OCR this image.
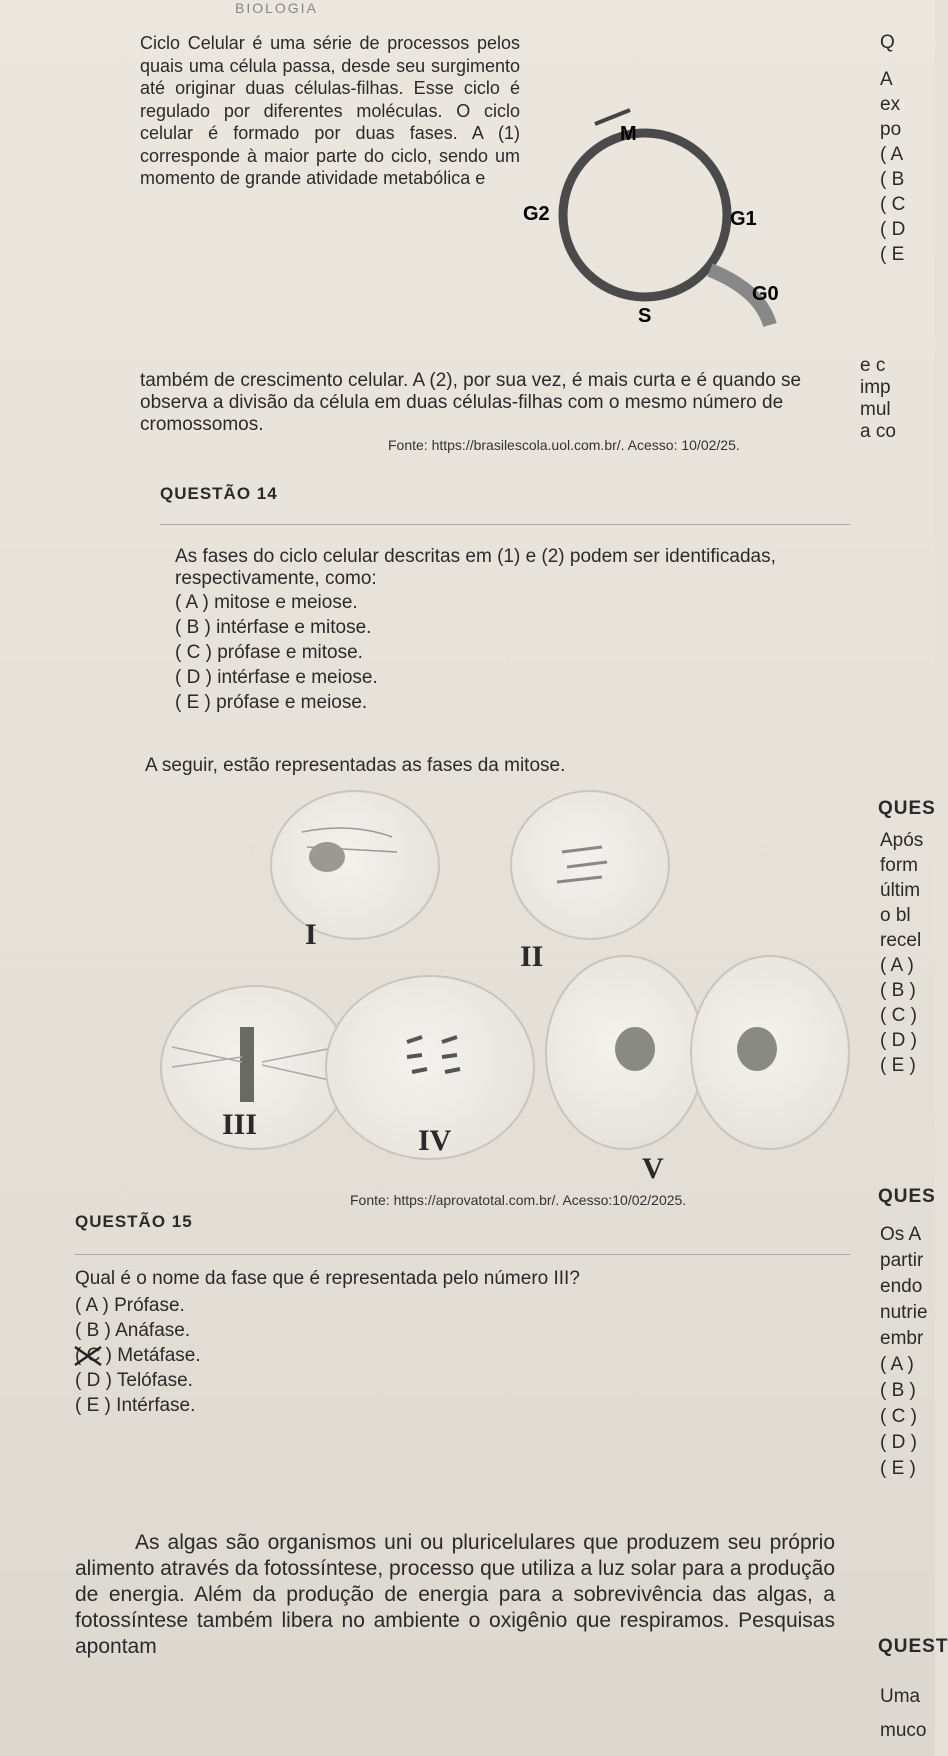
BIOLOGIA

Ciclo Celular é uma série de processos pelos quais uma célula passa, desde seu surgimento até originar duas células-filhas. Esse ciclo é regulado por diferentes moléculas. O ciclo celular é formado por duas fases. A (1) corresponde à maior parte do ciclo, sendo um momento de grande atividade metabólica e

M
G2	G1
G0
S

também de crescimento celular. A (2), por sua vez, é mais curta e é quando se observa a divisão da célula em duas células-filhas com o mesmo número de cromossomos.

Fonte: https://brasilescola.uol.com.br/. Acesso: 10/02/25.
QUESTÃO 14

As fases do ciclo celular descritas em (1) e (2) podem ser identificadas, respectivamente, como:

( A ) mitose e meiose.
( B ) intérfase e mitose.
( C ) prófase e mitose.
( D ) intérfase e meiose.
( E ) prófase e meiose.
A seguir, estão representadas as fases da mitose.
I
II
III	IV
V
Fonte: https://aprovatotal.com.br/. Acesso:10/02/2025.
QUESTÃO 15

Qual é o nome da fase que é representada pelo número III?

( A ) Prófase.
( B ) Anáfase.
( C ) Metáfase.
( D ) Telófase.
( E ) Intérfase.

As algas são organismos uni ou pluricelulares que produzem seu próprio alimento através da fotossíntese, processo que utiliza a luz solar para a produção de energia. Além da produção de energia para a sobrevivência das algas, a fotossíntese também libera no ambiente o oxigênio que respiramos. Pesquisas apontam

Q
A
ex
po
( A
( B
( C
( D
( E
e c
imp
mul
a co
QUES
Após
form
últim
o bl
recel
( A )
( B )
( C )
( D )
( E )
QUES
Os A
partir
endo
nutrie
embr
( A )
( B )
( C )
( D )
( E )
QUEST
Uma
muco
